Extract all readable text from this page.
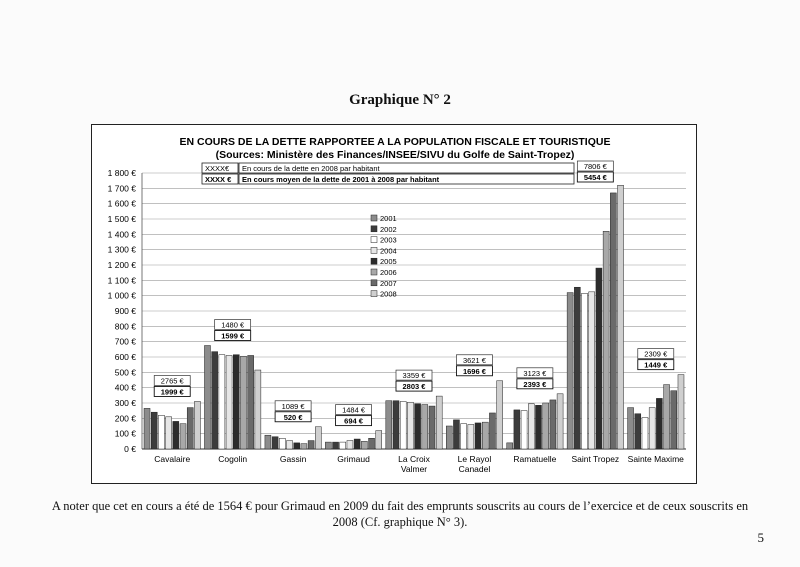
Graphique N° 2
EN COURS DE LA DETTE RAPPORTEE A LA POPULATION FISCALE ET TOURISTIQUE
(Sources: Ministère des Finances/INSEE/SIVU du Golfe de Saint-Tropez)
0 €
100 €
200 €
300 €
400 €
500 €
600 €
700 €
800 €
900 €
1 000 €
1 100 €
1 200 €
1 300 €
1 400 €
1 500 €
1 600 €
1 700 €
1 800 €	XXXX€ En cours de la dette en 2008 par habitant
XXXX € En cours moyen de la dette de 2001 à 2008 par habitant
Cavalaire	Cogolin	Gassin	Grimaud	La Croix
Valmer
Le Rayol
Canadel
Ramatuelle Saint Tropez Sainte Maxime
2765 €
1999 €
1480 €
1599 €
1089 €
520 €
1484 €
694 €
3359 €
2803 €
3621 €
1696 €	3123 €
2393 €
7806 €
5454 €
2309 €
1449 €
2001
2002
2003
2004
2005
2006
2007
2008
A noter que cet en cours a été de 1564 € pour Grimaud en 2009 du fait des emprunts souscrits au cours de l’exercice et de ceux souscrits en 2008 (Cf. graphique N° 3).
5
